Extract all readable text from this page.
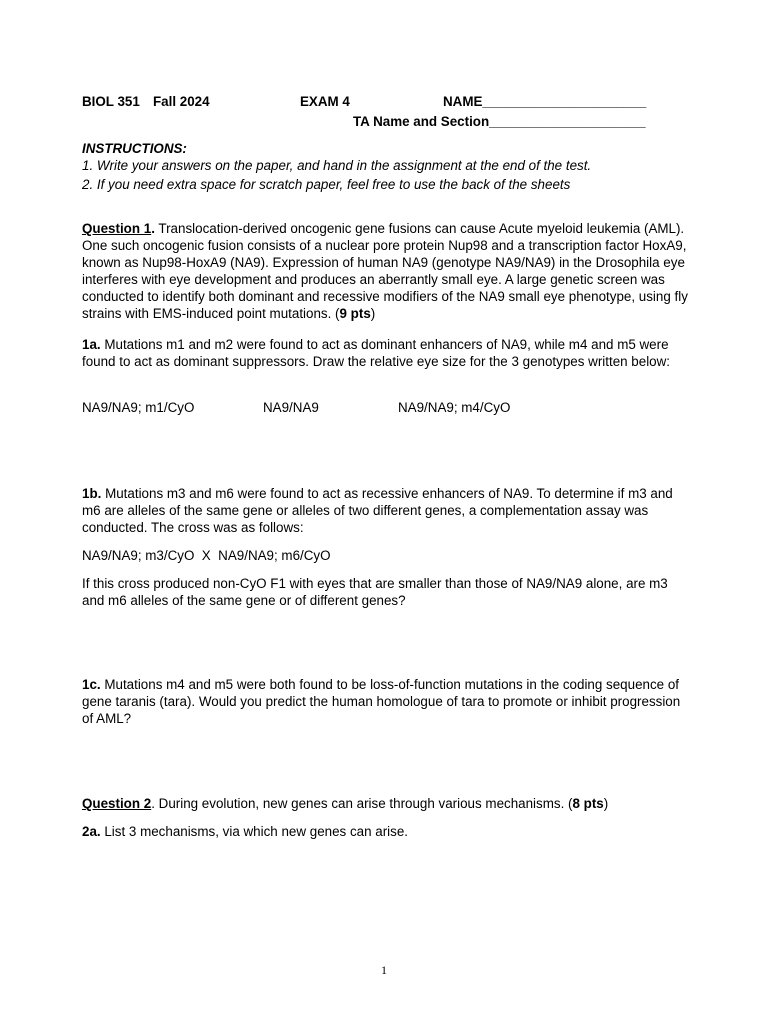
BIOL 351 Fall 2024	EXAM 4	NAME______________________
TA Name and Section_____________________
INSTRUCTIONS:
1. Write your answers on the paper, and hand in the assignment at the end of the test.
2. If you need extra space for scratch paper, feel free to use the back of the sheets

Question 1. Translocation-derived oncogenic gene fusions can cause Acute myeloid leukemia (AML). One such oncogenic fusion consists of a nuclear pore protein Nup98 and a transcription factor HoxA9, known as Nup98-HoxA9 (NA9). Expression of human NA9 (genotype NA9/NA9) in the Drosophila eye interferes with eye development and produces an aberrantly small eye. A large genetic screen was conducted to identify both dominant and recessive modifiers of the NA9 small eye phenotype, using fly strains with EMS-induced point mutations. (9 pts)

1a. Mutations m1 and m2 were found to act as dominant enhancers of NA9, while m4 and m5 were found to act as dominant suppressors. Draw the relative eye size for the 3 genotypes written below:

NA9/NA9; m1/CyO	NA9/NA9	NA9/NA9; m4/CyO

1b. Mutations m3 and m6 were found to act as recessive enhancers of NA9. To determine if m3 and m6 are alleles of the same gene or alleles of two different genes, a complementation assay was conducted. The cross was as follows:

NA9/NA9; m3/CyO  X  NA9/NA9; m6/CyO

If this cross produced non-CyO F1 with eyes that are smaller than those of NA9/NA9 alone, are m3 and m6 alleles of the same gene or of different genes?

1c. Mutations m4 and m5 were both found to be loss-of-function mutations in the coding sequence of gene taranis (tara). Would you predict the human homologue of tara to promote or inhibit progression of AML?

Question 2. During evolution, new genes can arise through various mechanisms. (8 pts)

2a. List 3 mechanisms, via which new genes can arise.

1
